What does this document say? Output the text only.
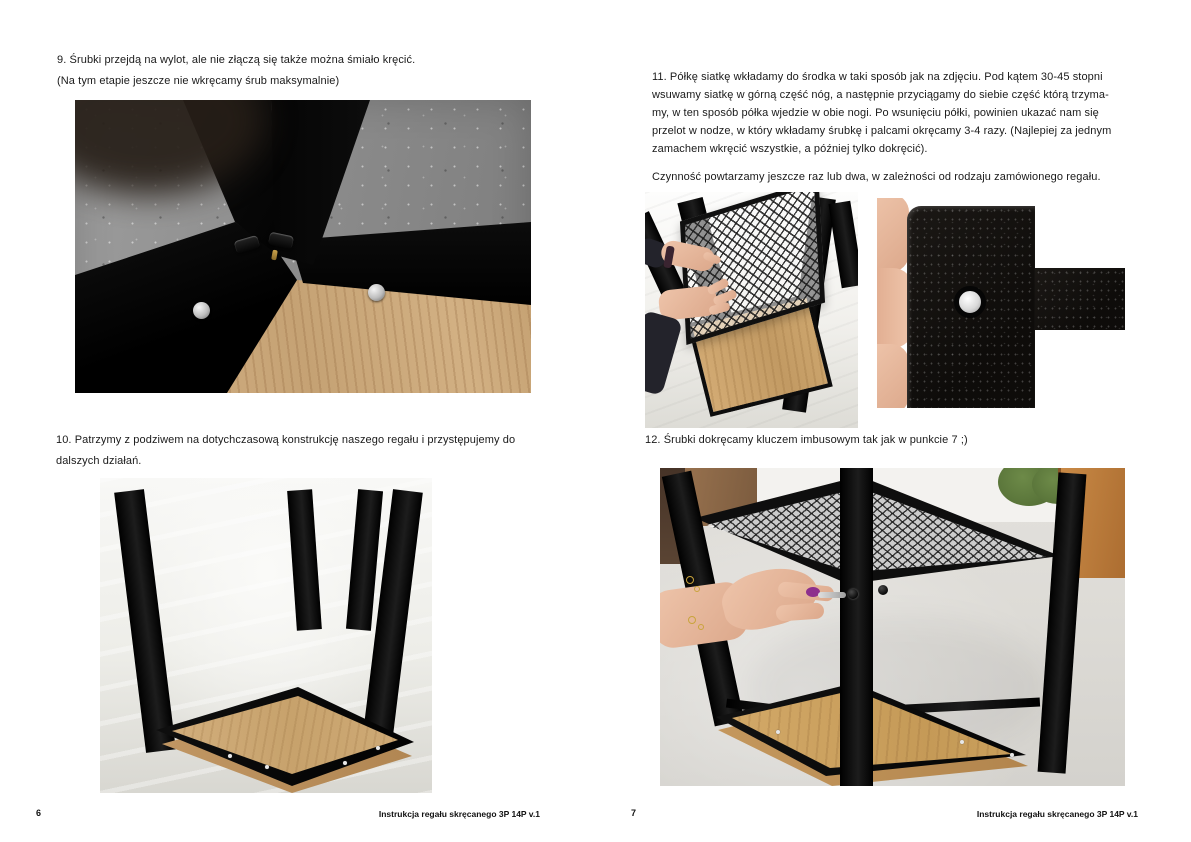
9. Śrubki przejdą na wylot, ale nie złączą się także można śmiało kręcić.
(Na tym etapie jeszcze nie wkręcamy śrub maksymalnie)
10. Patrzymy z podziwem na dotychczasową konstrukcję naszego regału i przystępujemy do
dalszych działań.
6	Instrukcja regału skręcanego 3P 14P v.1
11. Półkę siatkę wkładamy do środka w taki sposób jak na zdjęciu. Pod kątem 30-45 stopni
wsuwamy siatkę w górną część nóg, a następnie przyciągamy do siebie część którą trzyma-
my, w ten sposób półka wjedzie w obie nogi. Po wsunięciu półki, powinien ukazać nam się
przelot w nodze, w który wkładamy śrubkę i palcami okręcamy 3-4 razy. (Najlepiej za jednym
zamachem wkręcić wszystkie, a później tylko dokręcić).
Czynność powtarzamy jeszcze raz lub dwa, w zależności od rodzaju zamówionego regału.
12. Śrubki dokręcamy kluczem imbusowym tak jak w punkcie 7 ;)
7	Instrukcja regału skręcanego 3P 14P v.1
